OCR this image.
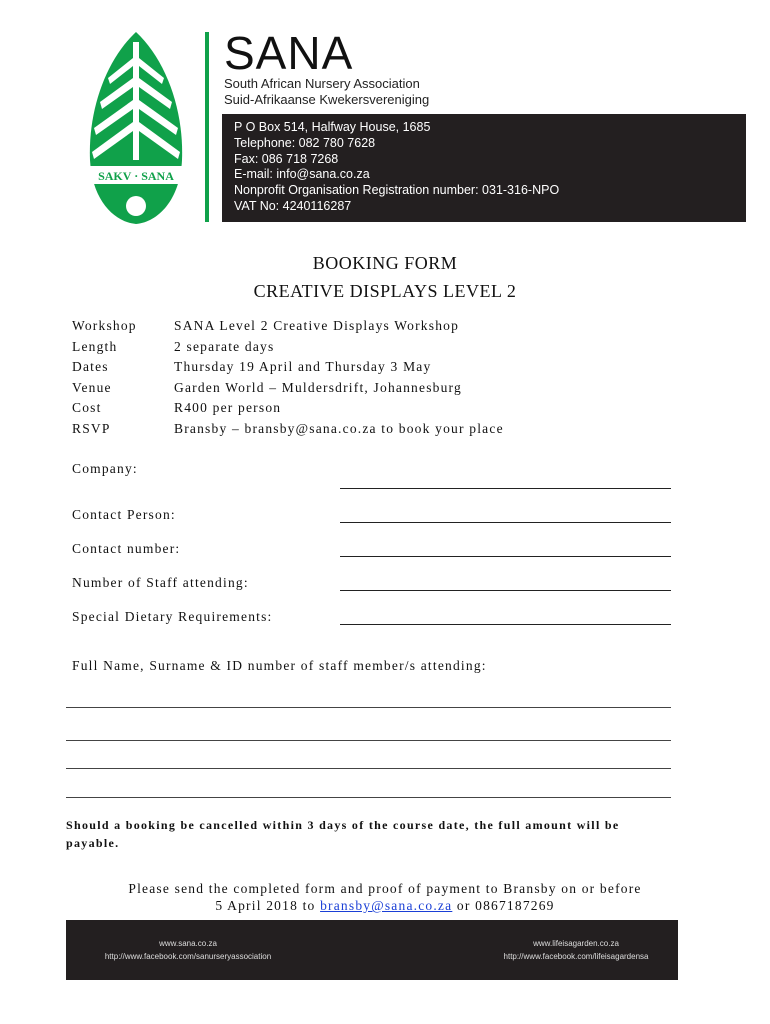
SAKV · SANA
SANA
South African Nursery Association
Suid-Afrikaanse Kwekersvereniging
P O Box 514, Halfway House, 1685
Telephone: 082 780 7628
Fax: 086 718 7268
E-mail: info@sana.co.za
Nonprofit Organisation Registration number: 031-316-NPO
VAT No: 4240116287
BOOKING FORM
CREATIVE DISPLAYS LEVEL 2
Workshop	SANA Level 2 Creative Displays Workshop
Length	2 separate days
Dates	Thursday 19 April and Thursday 3 May
Venue	Garden World – Muldersdrift, Johannesburg
Cost	R400 per person
RSVP	Bransby – bransby@sana.co.za to book your place
Company:
Contact Person:
Contact number:
Number of Staff attending:
Special Dietary Requirements:
Full Name, Surname & ID number of staff member/s attending:
Should a booking be cancelled within 3 days of the course date, the full amount will be payable.
Please send the completed form and proof of payment to Bransby on or before
5 April 2018 to bransby@sana.co.za or 0867187269
www.sana.co.za
http://www.facebook.com/sanurseryassociation
www.lifeisagarden.co.za
http://www.facebook.com/lifeisagardensa
